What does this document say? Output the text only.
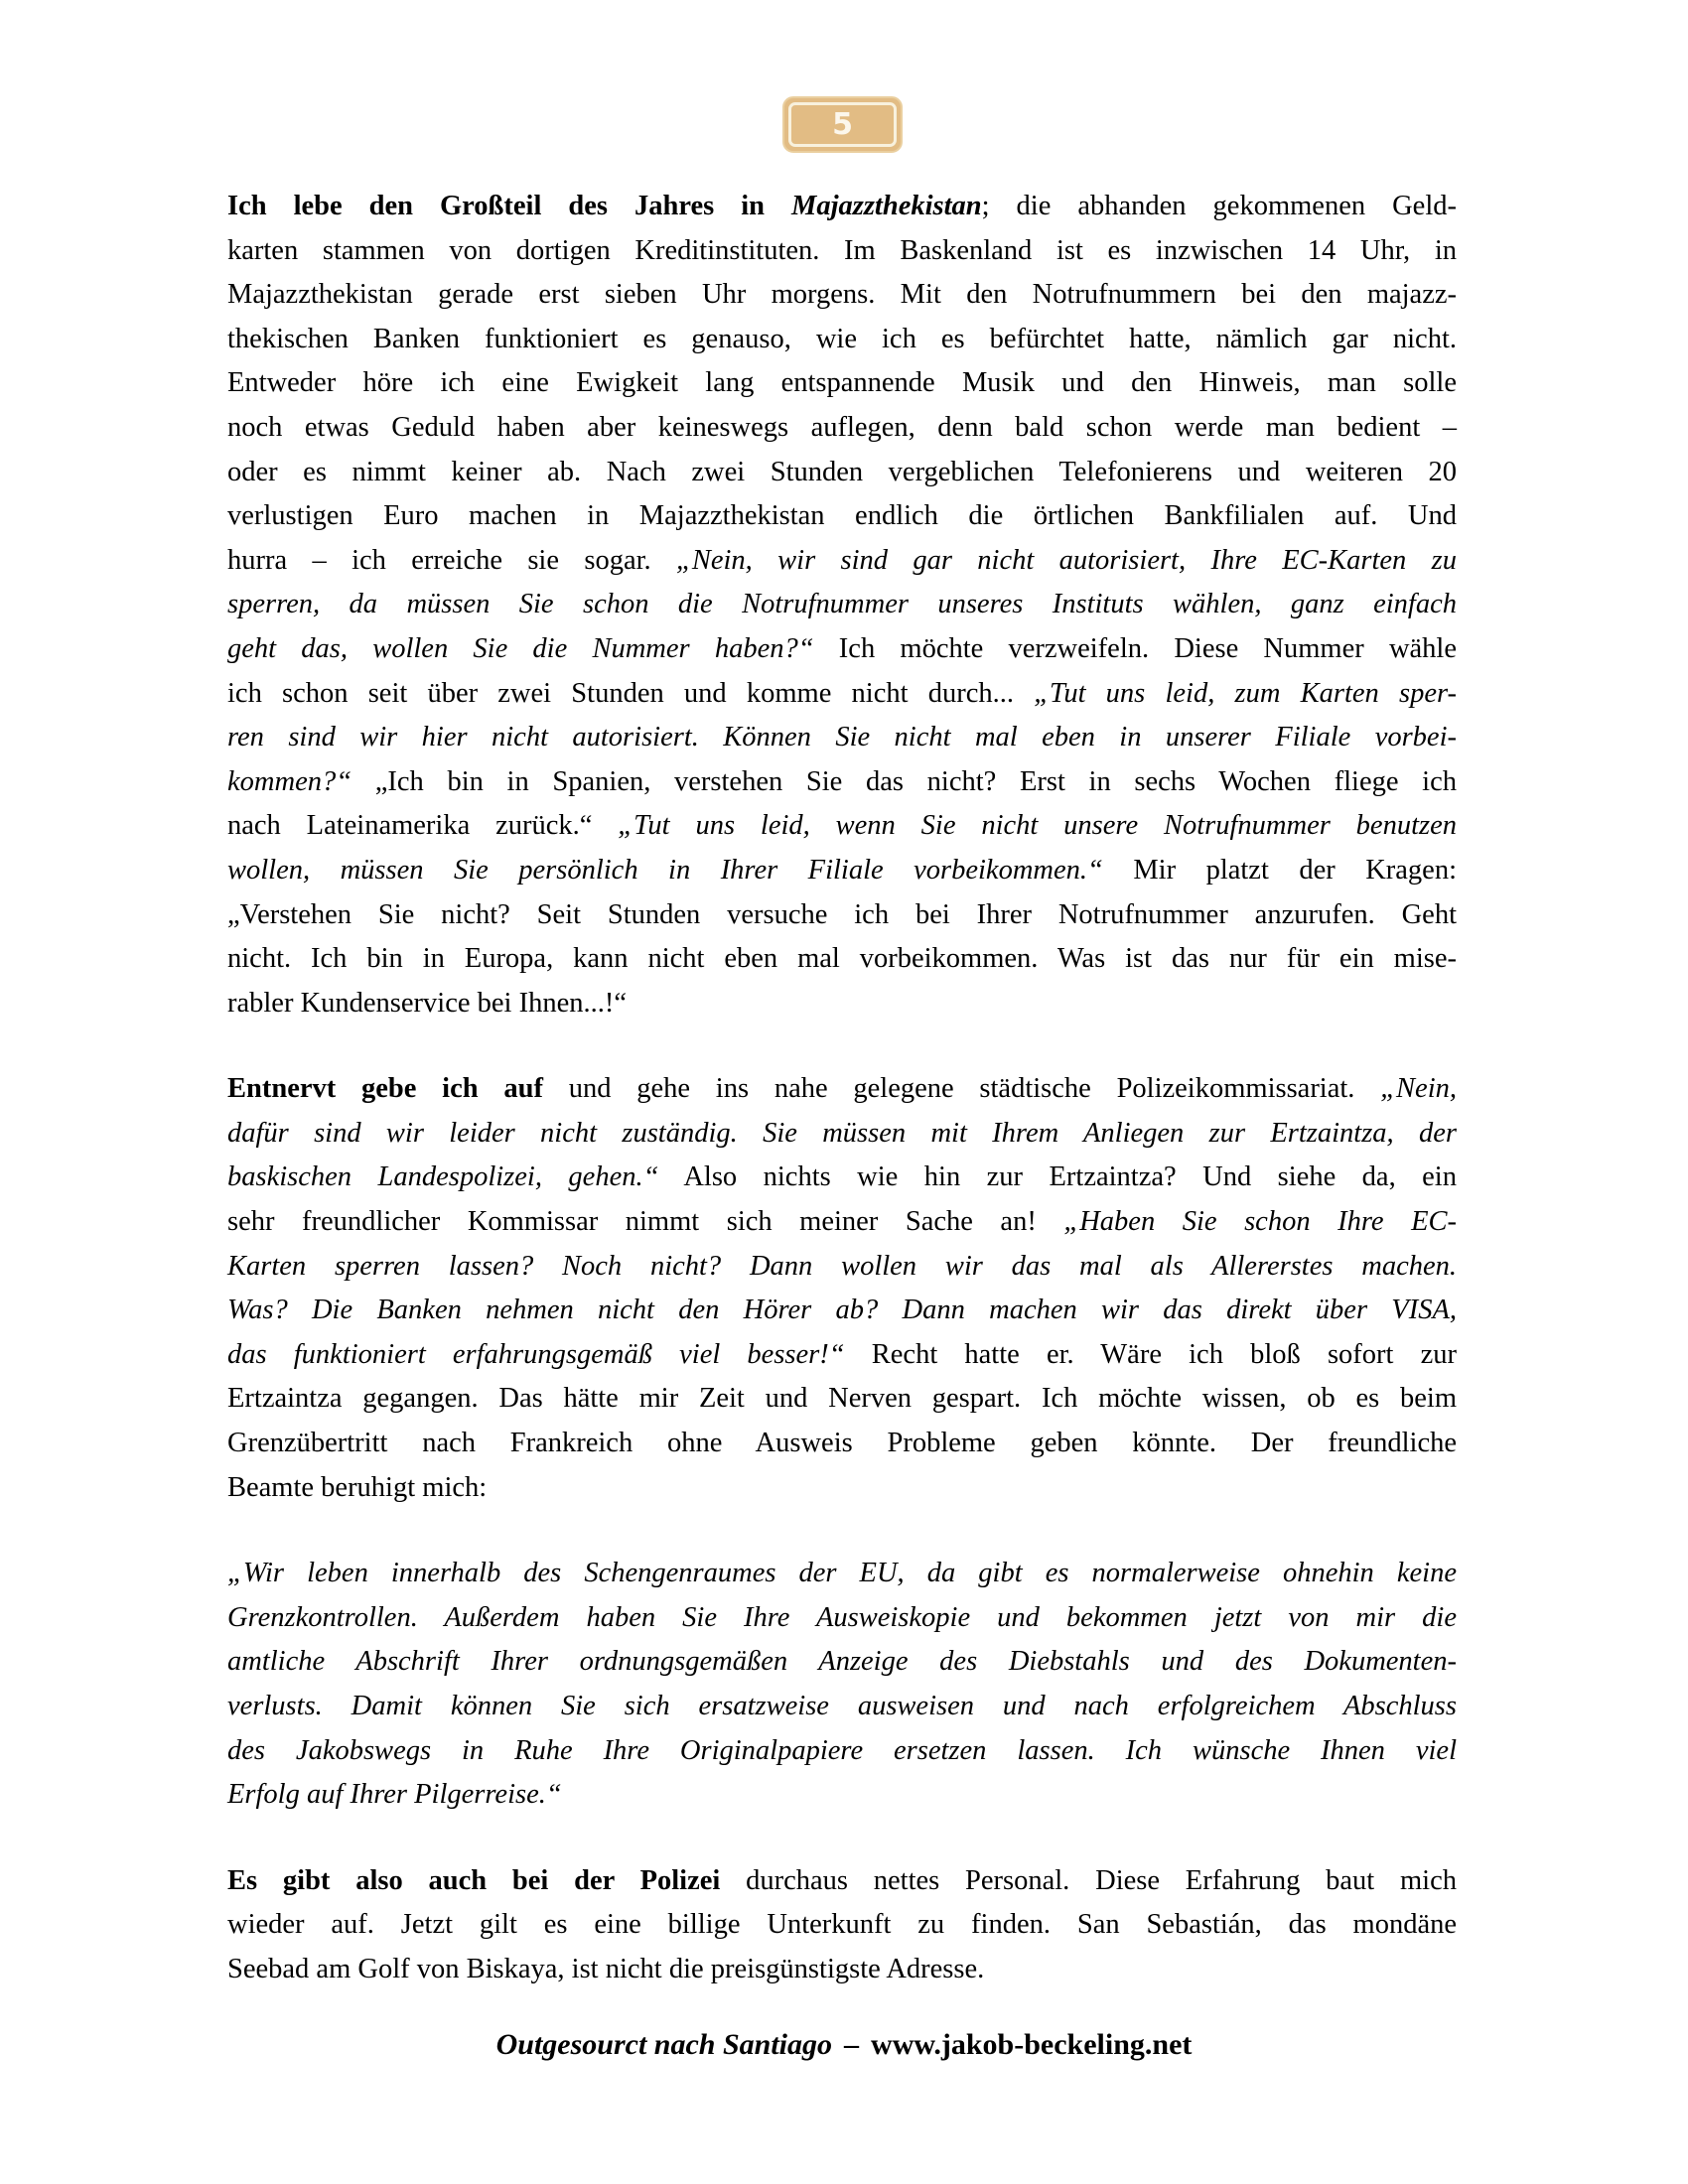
5
Ich lebe den Großteil des Jahres in Majazzthekistan; die abhanden gekommenen Geld-
karten stammen von dortigen Kreditinstituten. Im Baskenland ist es inzwischen 14 Uhr, in
Majazzthekistan gerade erst sieben Uhr morgens. Mit den Notrufnummern bei den majazz-
thekischen Banken funktioniert es genauso, wie ich es befürchtet hatte, nämlich gar nicht.
Entweder höre ich eine Ewigkeit lang entspannende Musik und den Hinweis, man solle
noch etwas Geduld haben aber keineswegs auflegen, denn bald schon werde man bedient –
oder es nimmt keiner ab. Nach zwei Stunden vergeblichen Telefonierens und weiteren 20
verlustigen Euro machen in Majazzthekistan endlich die örtlichen Bankfilialen auf. Und
hurra – ich erreiche sie sogar. „Nein, wir sind gar nicht autorisiert, Ihre EC-Karten zu
sperren, da müssen Sie schon die Notrufnummer unseres Instituts wählen, ganz einfach
geht das, wollen Sie die Nummer haben?“ Ich möchte verzweifeln. Diese Nummer wähle
ich schon seit über zwei Stunden und komme nicht durch... „Tut uns leid, zum Karten sper-
ren sind wir hier nicht autorisiert. Können Sie nicht mal eben in unserer Filiale vorbei-
kommen?“ „Ich bin in Spanien, verstehen Sie das nicht? Erst in sechs Wochen fliege ich
nach Lateinamerika zurück.“ „Tut uns leid, wenn Sie nicht unsere Notrufnummer benutzen
wollen, müssen Sie persönlich in Ihrer Filiale vorbeikommen.“ Mir platzt der Kragen:
„Verstehen Sie nicht? Seit Stunden versuche ich bei Ihrer Notrufnummer anzurufen. Geht
nicht. Ich bin in Europa, kann nicht eben mal vorbeikommen. Was ist das nur für ein mise-
rabler Kundenservice bei Ihnen...!“
Entnervt gebe ich auf und gehe ins nahe gelegene städtische Polizeikommissariat. „Nein,
dafür sind wir leider nicht zuständig. Sie müssen mit Ihrem Anliegen zur Ertzaintza, der
baskischen Landespolizei, gehen.“ Also nichts wie hin zur Ertzaintza? Und siehe da, ein
sehr freundlicher Kommissar nimmt sich meiner Sache an! „Haben Sie schon Ihre EC-
Karten sperren lassen? Noch nicht? Dann wollen wir das mal als Allererstes machen.
Was? Die Banken nehmen nicht den Hörer ab? Dann machen wir das direkt über VISA,
das funktioniert erfahrungsgemäß viel besser!“ Recht hatte er. Wäre ich bloß sofort zur
Ertzaintza gegangen. Das hätte mir Zeit und Nerven gespart. Ich möchte wissen, ob es beim
Grenzübertritt nach Frankreich ohne Ausweis Probleme geben könnte. Der freundliche
Beamte beruhigt mich:
„Wir leben innerhalb des Schengenraumes der EU, da gibt es normalerweise ohnehin keine
Grenzkontrollen. Außerdem haben Sie Ihre Ausweiskopie und bekommen jetzt von mir die
amtliche Abschrift Ihrer ordnungsgemäßen Anzeige des Diebstahls und des Dokumenten-
verlusts. Damit können Sie sich ersatzweise ausweisen und nach erfolgreichem Abschluss
des Jakobswegs in Ruhe Ihre Originalpapiere ersetzen lassen. Ich wünsche Ihnen viel
Erfolg auf Ihrer Pilgerreise.“
Es gibt also auch bei der Polizei durchaus nettes Personal. Diese Erfahrung baut mich
wieder auf. Jetzt gilt es eine billige Unterkunft zu finden. San Sebastián, das mondäne
Seebad am Golf von Biskaya, ist nicht die preisgünstigste Adresse.
Outgesourct nach Santiago – www.jakob-beckeling.net
